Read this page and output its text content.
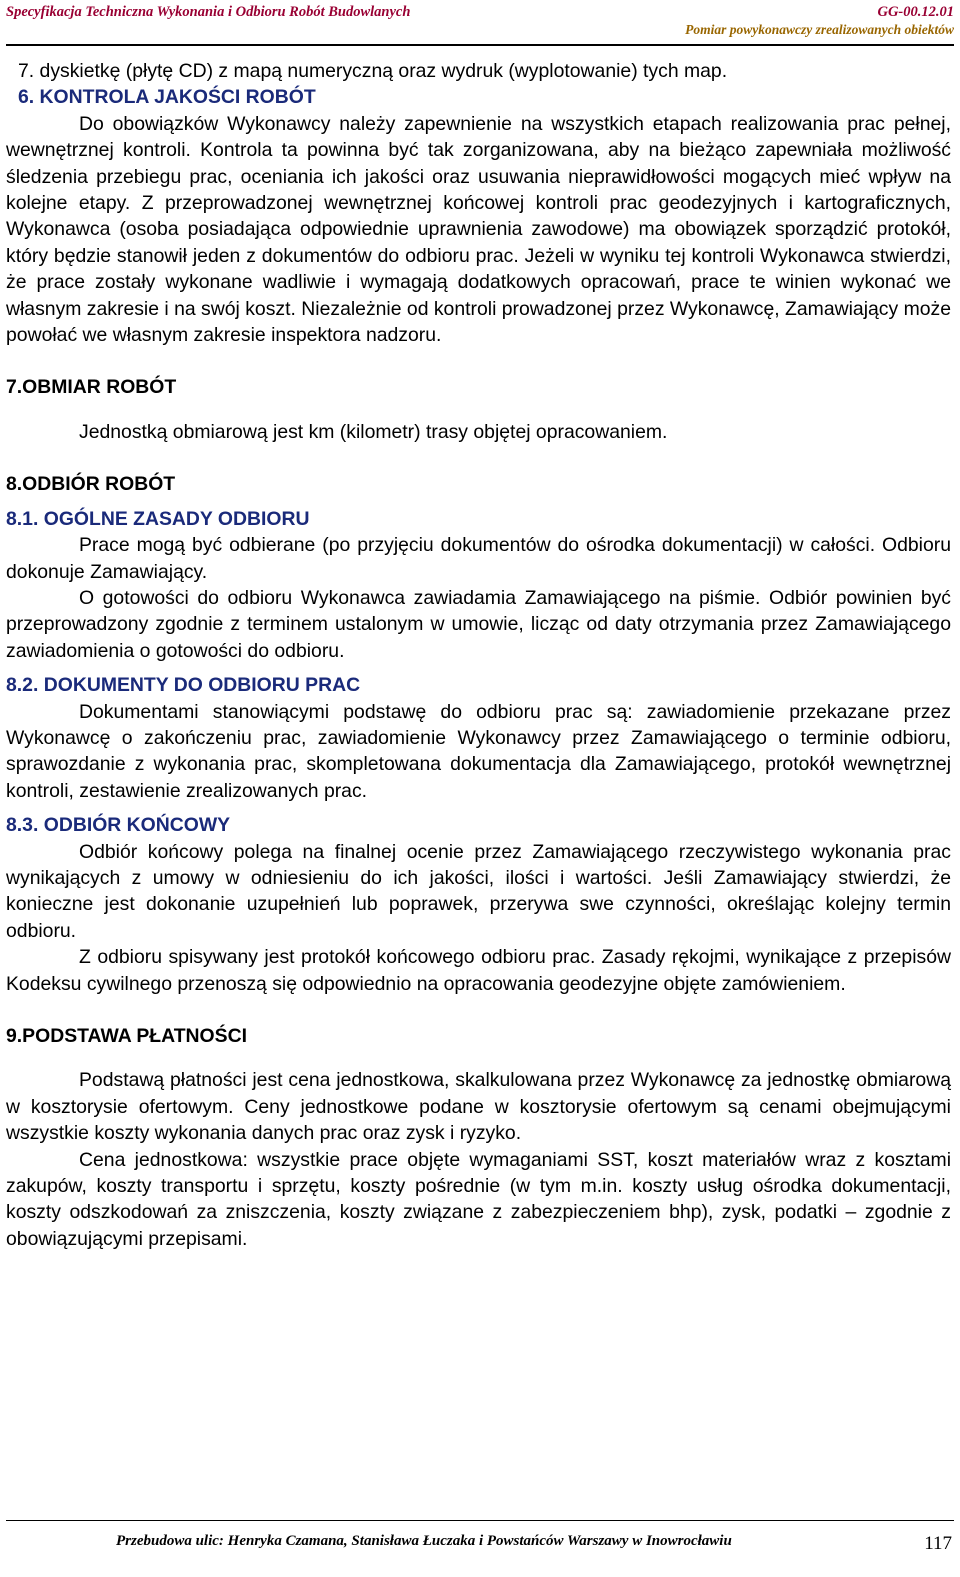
Specyfikacja Techniczna Wykonania i Odbioru Robót Budowlanych	GG-00.12.01
Pomiar powykonawczy zrealizowanych obiektów

7. dyskietkę (płytę CD) z mapą numeryczną oraz wydruk (wyplotowanie) tych map.

6. KONTROLA JAKOŚCI ROBÓT

Do obowiązków Wykonawcy należy zapewnienie na wszystkich etapach realizowania prac pełnej, wewnętrznej kontroli. Kontrola ta powinna być tak zorganizowana, aby na bieżąco zapewniała możliwość śledzenia przebiegu prac, oceniania ich jakości oraz usuwania nieprawidłowości mogących mieć wpływ na kolejne etapy. Z przeprowadzonej wewnętrznej końcowej kontroli prac geodezyjnych i kartograficznych, Wykonawca (osoba posiadająca odpowiednie uprawnienia zawodowe) ma obowiązek sporządzić protokół, który będzie stanowił jeden z dokumentów do odbioru prac. Jeżeli w wyniku tej kontroli Wykonawca stwierdzi, że prace zostały wykonane wadliwie i wymagają dodatkowych opracowań, prace te winien wykonać we własnym zakresie i na swój koszt. Niezależnie od kontroli prowadzonej przez Wykonawcę, Zamawiający może powołać we własnym zakresie inspektora nadzoru.

7.OBMIAR ROBÓT

Jednostką obmiarową jest km (kilometr) trasy objętej opracowaniem.

8.ODBIÓR ROBÓT

8.1. OGÓLNE ZASADY ODBIORU

Prace mogą być odbierane (po przyjęciu dokumentów do ośrodka dokumentacji) w całości. Odbioru dokonuje Zamawiający.

O gotowości do odbioru Wykonawca zawiadamia Zamawiającego na piśmie. Odbiór powinien być przeprowadzony zgodnie z terminem ustalonym w umowie, licząc od daty otrzymania przez Zamawiającego zawiadomienia o gotowości do odbioru.

8.2. DOKUMENTY DO ODBIORU PRAC

Dokumentami stanowiącymi podstawę do odbioru prac są: zawiadomienie przekazane przez Wykonawcę o zakończeniu prac, zawiadomienie Wykonawcy przez Zamawiającego o terminie odbioru, sprawozdanie z wykonania prac, skompletowana dokumentacja dla Zamawiającego, protokół wewnętrznej kontroli, zestawienie zrealizowanych prac.

8.3. ODBIÓR KOŃCOWY

Odbiór końcowy polega na finalnej ocenie przez Zamawiającego rzeczywistego wykonania prac wynikających z umowy w odniesieniu do ich jakości, ilości i wartości. Jeśli Zamawiający stwierdzi, że konieczne jest dokonanie uzupełnień lub poprawek, przerywa swe czynności, określając kolejny termin odbioru.

Z odbioru spisywany jest protokół końcowego odbioru prac. Zasady rękojmi, wynikające z przepisów Kodeksu cywilnego przenoszą się odpowiednio na opracowania geodezyjne objęte zamówieniem.

9.PODSTAWA PŁATNOŚCI

Podstawą płatności jest cena jednostkowa, skalkulowana przez Wykonawcę za jednostkę obmiarową w kosztorysie ofertowym. Ceny jednostkowe podane w kosztorysie ofertowym są cenami obejmującymi wszystkie koszty wykonania danych prac oraz zysk i ryzyko.

Cena jednostkowa: wszystkie prace objęte wymaganiami SST, koszt materiałów wraz z kosztami zakupów, koszty transportu i sprzętu, koszty pośrednie (w tym m.in. koszty usług ośrodka dokumentacji, koszty odszkodowań za zniszczenia, koszty związane z zabezpieczeniem bhp), zysk, podatki – zgodnie z obowiązującymi przepisami.

Przebudowa ulic: Henryka Czamana, Stanisława Łuczaka i Powstańców Warszawy w Inowrocławiu	117
